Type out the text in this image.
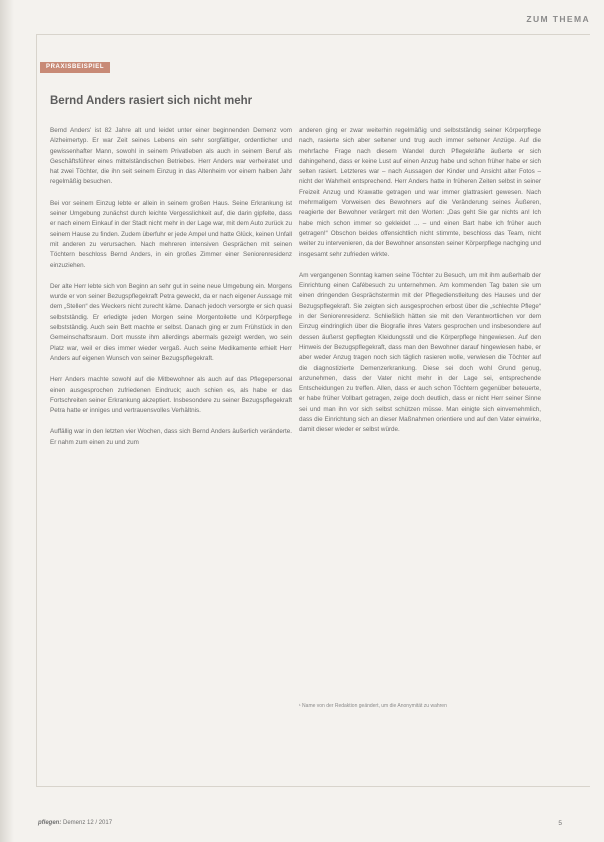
ZUM THEMA
PRAXISBEISPIEL
Bernd Anders rasiert sich nicht mehr

Bernd Anders' ist 82 Jahre alt und leidet unter einer beginnenden Demenz vom Alzheimertyp. Er war Zeit seines Lebens ein sehr sorgfältiger, ordentlicher und gewissenhafter Mann, sowohl in seinem Privatleben als auch in seinem Beruf als Geschäftsführer eines mittelständischen Betriebes. Herr Anders war verheiratet und hat zwei Töchter, die ihn seit seinem Einzug in das Altenheim vor einem halben Jahr regelmäßig besuchen.

Bei vor seinem Einzug lebte er allein in seinem großen Haus. Seine Erkrankung ist seiner Umgebung zunächst durch leichte Vergesslichkeit auf, die darin gipfelte, dass er nach einem Einkauf in der Stadt nicht mehr in der Lage war, mit dem Auto zurück zu seinem Hause zu finden. Zudem überfuhr er jede Ampel und hatte Glück, keinen Unfall mit anderen zu verursachen. Nach mehreren intensiven Gesprächen mit seinen Töchtern beschloss Bernd Anders, in ein großes Zimmer einer Seniorenresidenz einzuziehen.

Der alte Herr lebte sich von Beginn an sehr gut in seine neue Umgebung ein. Morgens wurde er von seiner Bezugspflegekraft Petra geweckt, da er nach eigener Aussage mit dem „Stellen“ des Weckers nicht zurecht käme. Danach jedoch versorgte er sich quasi selbstständig. Er erledigte jeden Morgen seine Morgentoilette und Körperpflege selbstständig. Auch sein Bett machte er selbst. Danach ging er zum Frühstück in den Gemeinschaftsraum. Dort musste ihm allerdings abermals gezeigt werden, wo sein Platz war, weil er dies immer wieder vergaß. Auch seine Medikamente erhielt Herr Anders auf eigenen Wunsch von seiner Bezugspflegekraft.

Herr Anders machte sowohl auf die Mitbewohner als auch auf das Pflegepersonal einen ausgesprochen zufriedenen Eindruck; auch schien es, als habe er das Fortschreiten seiner Erkrankung akzeptiert. Insbesondere zu seiner Bezugspflegekraft Petra hatte er inniges und vertrauensvolles Verhältnis.

Auffällig war in den letzten vier Wochen, dass sich Bernd Anders äußerlich veränderte. Er nahm zum einen zu und zum

anderen ging er zwar weiterhin regelmäßig und selbstständig seiner Körperpflege nach, rasierte sich aber seltener und trug auch immer seltener Anzüge. Auf die mehrfache Frage nach diesem Wandel durch Pflegekräfte äußerte er sich dahingehend, dass er keine Lust auf einen Anzug habe und schon früher habe er sich selten rasiert. Letzteres war – nach Aussagen der Kinder und Ansicht alter Fotos – nicht der Wahrheit entsprechend. Herr Anders hatte in früheren Zeiten selbst in seiner Freizeit Anzug und Krawatte getragen und war immer glattrasiert gewesen. Nach mehrmaligem Vorweisen des Bewohners auf die Veränderung seines Äußeren, reagierte der Bewohner verärgert mit den Worten: „Das geht Sie gar nichts an! Ich habe mich schon immer so gekleidet ... – und einen Bart habe ich früher auch getragen!“ Obschon beides offensichtlich nicht stimmte, beschloss das Team, nicht weiter zu intervenieren, da der Bewohner ansonsten seiner Körperpflege nachging und insgesamt sehr zufrieden wirkte.

Am vergangenen Sonntag kamen seine Töchter zu Besuch, um mit ihm außerhalb der Einrichtung einen Cafébesuch zu unternehmen. Am kommenden Tag baten sie um einen dringenden Gesprächstermin mit der Pflegedienstleitung des Hauses und der Bezugspflegekraft. Sie zeigten sich ausgesprochen erbost über die „schlechte Pflege“ in der Seniorenresidenz. Schließlich hätten sie mit den Verantwortlichen vor dem Einzug eindringlich über die Biografie ihres Vaters gesprochen und insbesondere auf dessen äußerst gepflegten Kleidungsstil und die Körperpflege hingewiesen. Auf den Hinweis der Bezugspflegekraft, dass man den Bewohner darauf hingewiesen habe, er aber weder Anzug tragen noch sich täglich rasieren wolle, verwiesen die Töchter auf die diagnostizierte Demenzerkrankung. Diese sei doch wohl Grund genug, anzunehmen, dass der Vater nicht mehr in der Lage sei, entsprechende Entscheidungen zu treffen. Allen, dass er auch schon Töchtern gegenüber beteuerte, er habe früher Vollbart getragen, zeige doch deutlich, dass er nicht Herr seiner Sinne sei und man ihn vor sich selbst schützen müsse. Man einigte sich einvernehmlich, dass die Einrichtung sich an dieser Maßnahmen orientiere und auf den Vater einwirke, damit dieser wieder er selbst würde.

¹ Name von der Redaktion geändert, um die Anonymität zu wahren
pflegen: Demenz 12 / 2017	5
